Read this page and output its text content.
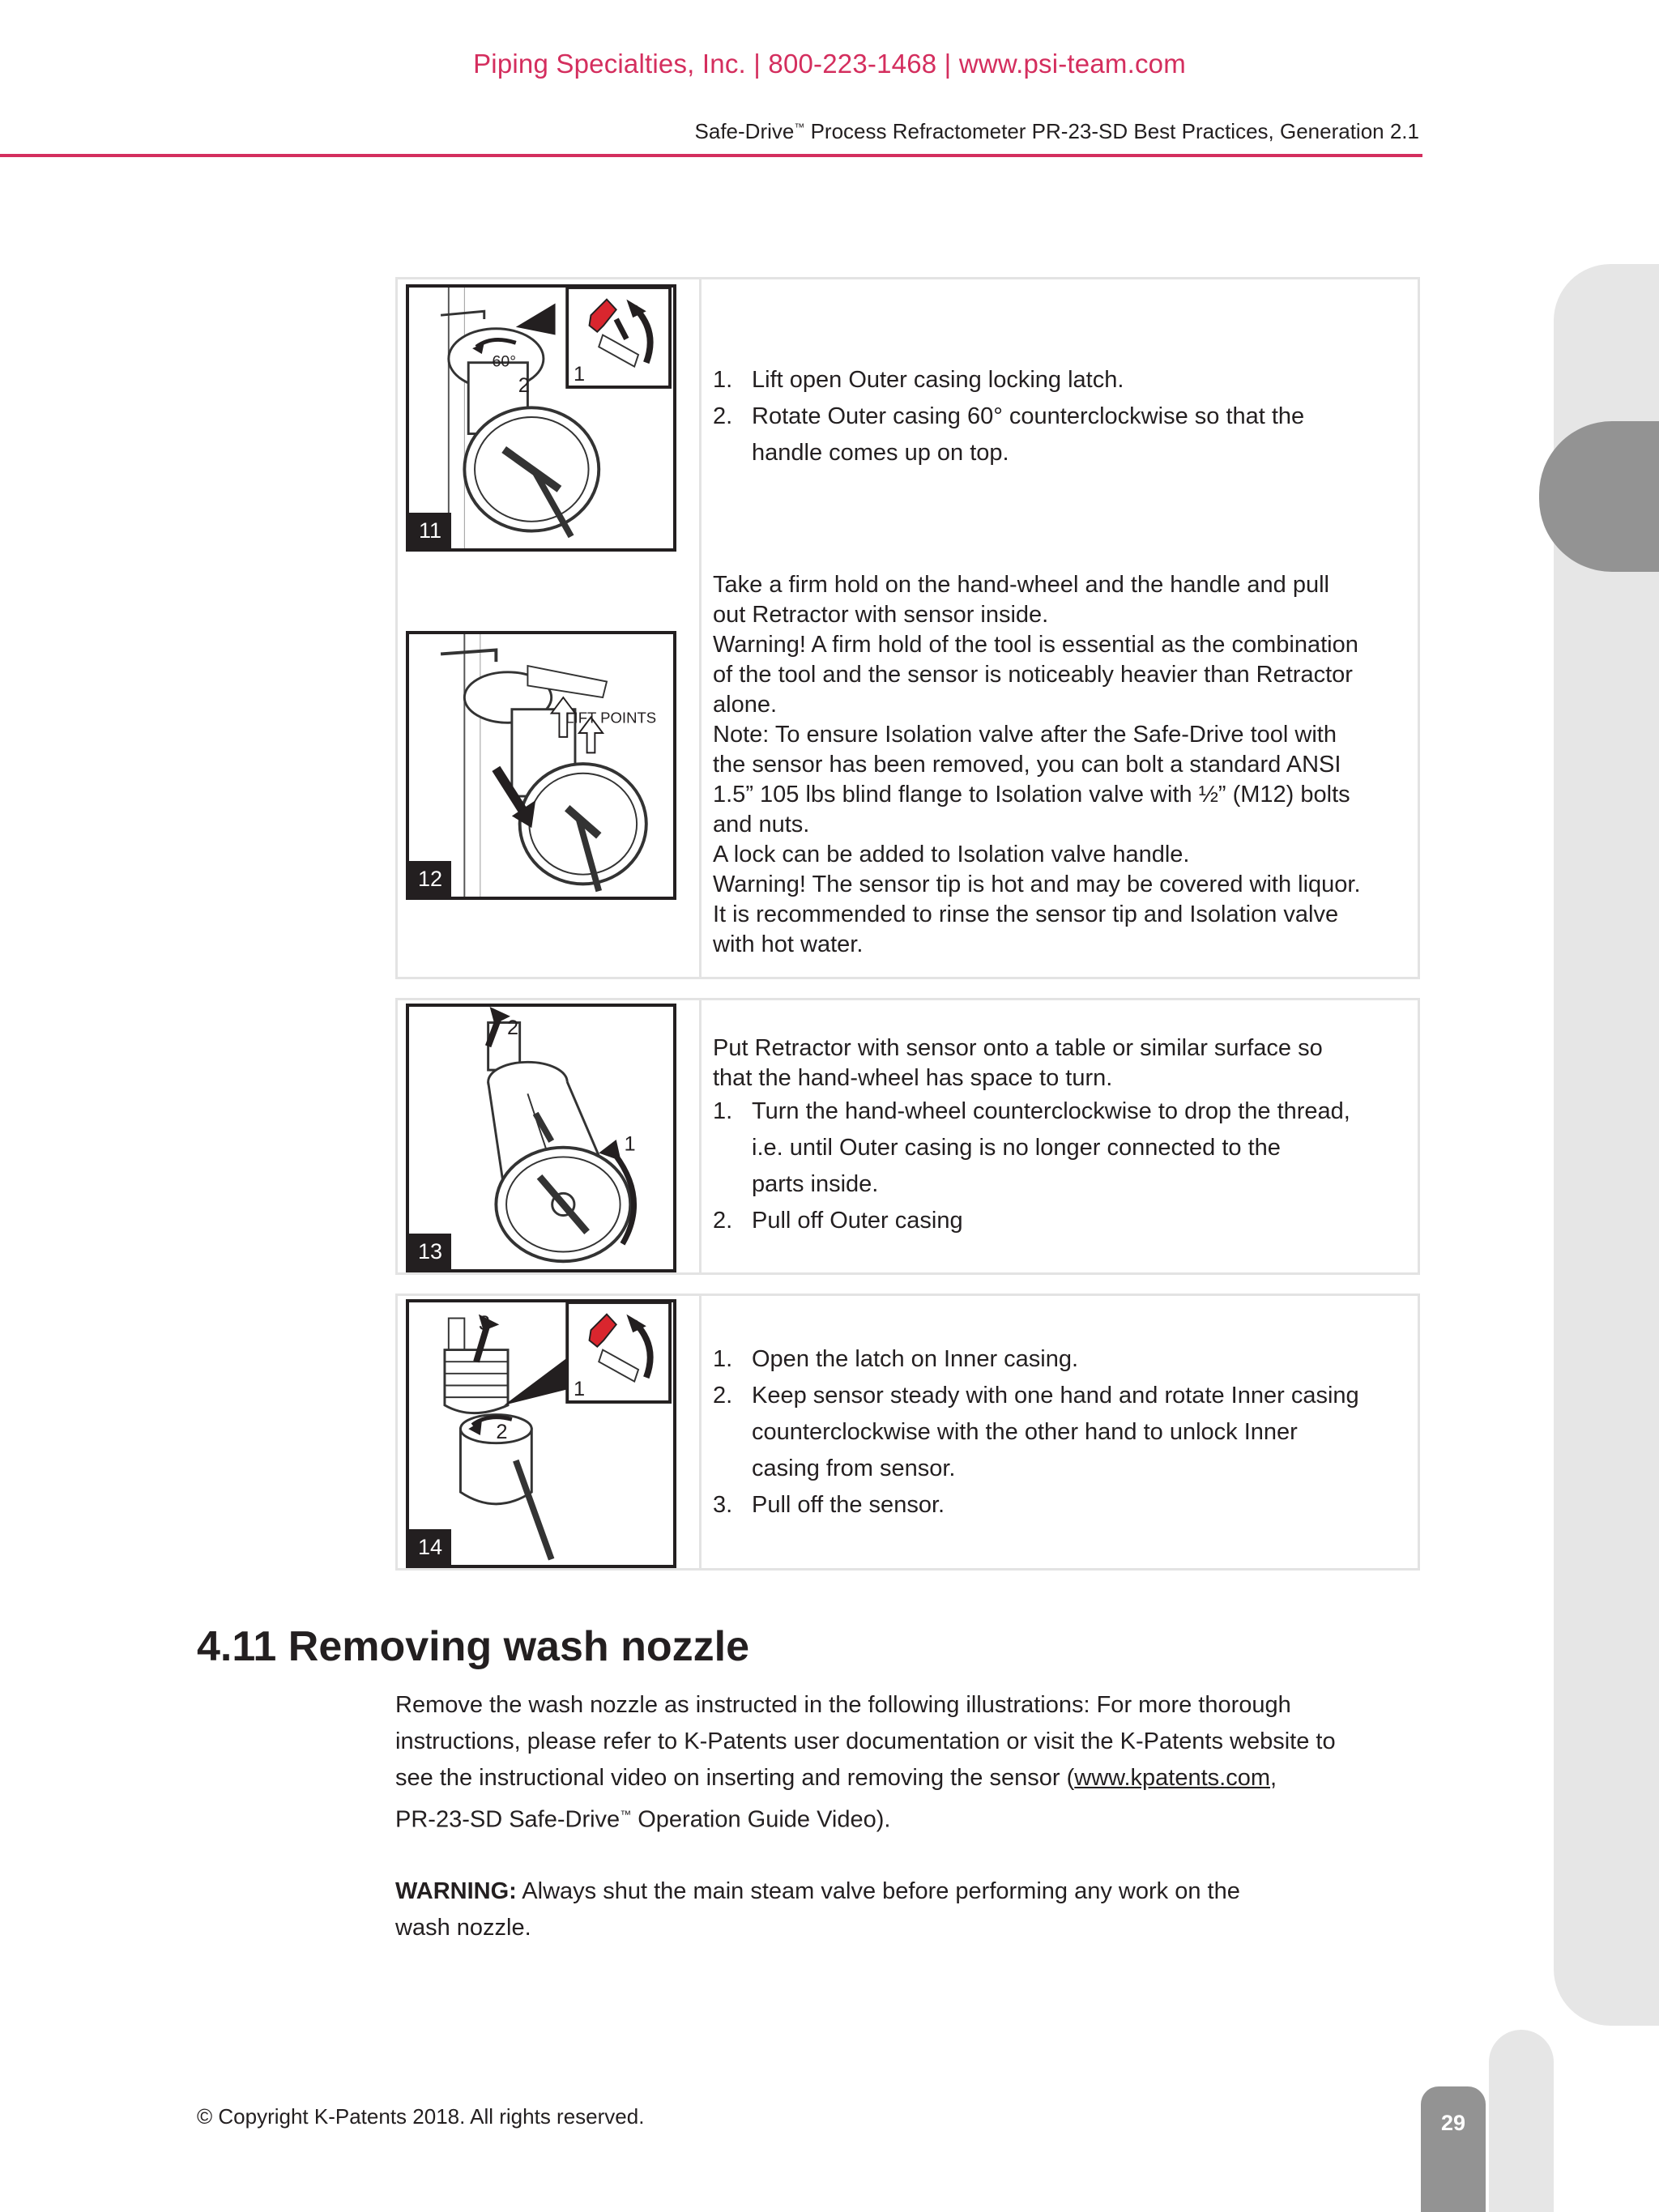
Piping Specialties, Inc. | 800-223-1468 | www.psi-team.com
Safe-Drive™ Process Refractometer PR-23-SD Best Practices, Generation 2.1
29
60°
2 1
11
1. Lift open Outer casing locking latch.
2. Rotate Outer casing 60° counterclockwise so that the
handle comes up on top.
LIFT POINTS
12

Take a firm hold on the hand-wheel and the handle and pull

out Retractor with sensor inside.

Warning! A firm hold of the tool is essential as the combination

of the tool and the sensor is noticeably heavier than Retractor

alone.

Note: To ensure Isolation valve after the Safe-Drive tool with

the sensor has been removed, you can bolt a standard ANSI

1.5” 105 lbs blind flange to Isolation valve with ½” (M12) bolts

and nuts.

A lock can be added to Isolation valve handle.

Warning! The sensor tip is hot and may be covered with liquor.

It is recommended to rinse the sensor tip and Isolation valve

with hot water.

2
1
13

Put Retractor with sensor onto a table or similar surface so

that the hand-wheel has space to turn.

1. Turn the hand-wheel counterclockwise to drop the thread,
i.e. until Outer casing is no longer connected to the
parts inside.
2. Pull off Outer casing
3
1
2
14
1. Open the latch on Inner casing.
2. Keep sensor steady with one hand and rotate Inner casing
counterclockwise with the other hand to unlock Inner
casing from sensor.
3. Pull off the sensor.
4.11 Removing wash nozzle

Remove the wash nozzle as instructed in the following illustrations: For more thorough

instructions, please refer to K-Patents user documentation or visit the K-Patents website to

see the instructional video on inserting and removing the sensor (www.kpatents.com,

PR-23-SD Safe-Drive™ Operation Guide Video).

WARNING: Always shut the main steam valve before performing any work on the

wash nozzle.

© Copyright K-Patents 2018. All rights reserved.
